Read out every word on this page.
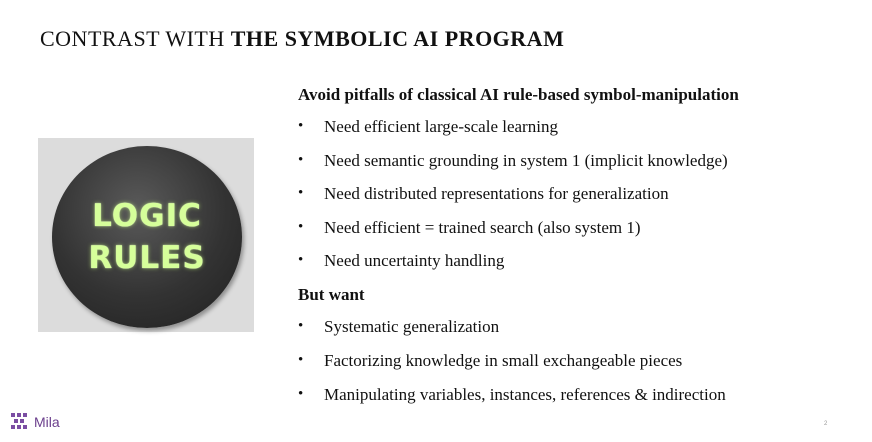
CONTRAST WITH THE SYMBOLIC AI PROGRAM
LOGIC
RULES
Avoid pitfalls of classical AI rule-based symbol-manipulation
• Need efficient large-scale learning
• Need semantic grounding in system 1 (implicit knowledge)
• Need distributed representations for generalization
• Need efficient = trained search (also system 1)
• Need uncertainty handling
But want
• Systematic generalization
• Factorizing knowledge in small exchangeable pieces
• Manipulating variables, instances, references & indirection
Mila	2
